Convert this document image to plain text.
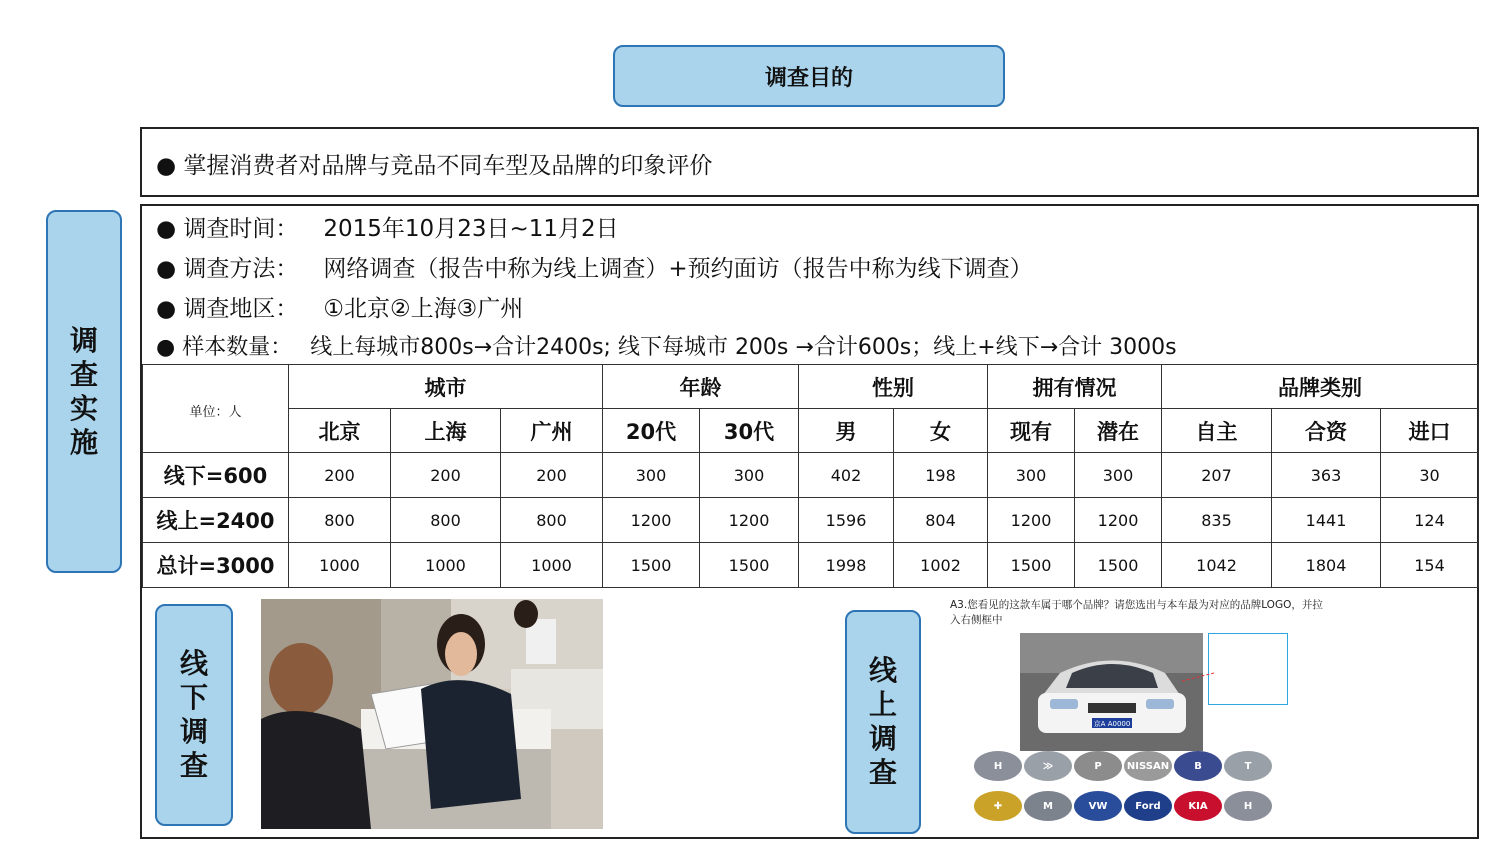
调查目的
● 掌握消费者对品牌与竞品不同车型及品牌的印象评价
调查实施
● 调查时间： 2015年10月23日~11月2日
● 调查方法： 网络调查（报告中称为线上调查）+预约面访（报告中称为线下调查）
● 调查地区： ①北京②上海③广州
● 样本数量： 线上每城市800s→合计2400s; 线下每城市 200s →合计600s；线上+线下→合计 3000s
单位：人	城市			年龄		性别		拥有情况		品牌类别		
	北京	上海	广州	20代	30代	男	女	现有	潜在	自主	合资	进口
线下=600	200	200	200	300	300	402	198	300	300	207	363	30
线上=2400	800	800	800	1200	1200	1596	804	1200	1200	835	1441	124
总计=3000	1000	1000	1000	1500	1500	1998	1002	1500	1500	1042	1804	154
线下调查
线上调查
A3.您看见的这款车属于哪个品牌？请您选出与本车最为对应的品牌LOGO，并拉入右侧框中
京A A0000
H	≫	P	NISSAN	B	T
✚	M	VW	Ford	KIA	H
